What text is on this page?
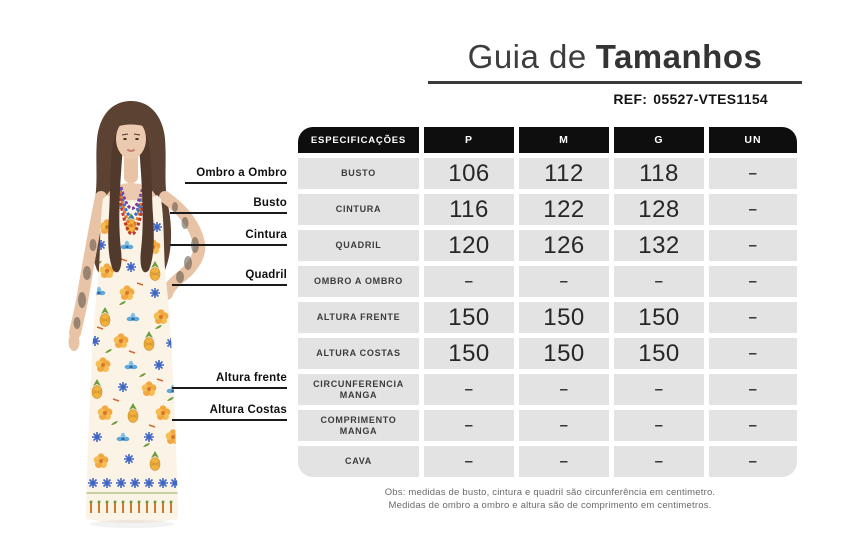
Ombro a Ombro
Busto
Cintura
Quadril
Altura frente
Altura Costas
Guia de Tamanhos
REF: 05527-VTES1154
ESPECIFICAÇÕES	P	M	G	UN
BUSTO	106	112	118	–
CINTURA	116	122	128	–
QUADRIL	120	126	132	–
OMBRO A OMBRO	–	–	–	–
ALTURA FRENTE	150	150	150	–
ALTURA COSTAS	150	150	150	–
CIRCUNFERENCIA MANGA	–	–	–	–
COMPRIMENTO MANGA	–	–	–	–
CAVA	–	–	–	–
Obs: medidas de busto, cintura e quadril são circunferência em centimetro.
Medidas de ombro a ombro e altura são de comprimento em centimetros.
